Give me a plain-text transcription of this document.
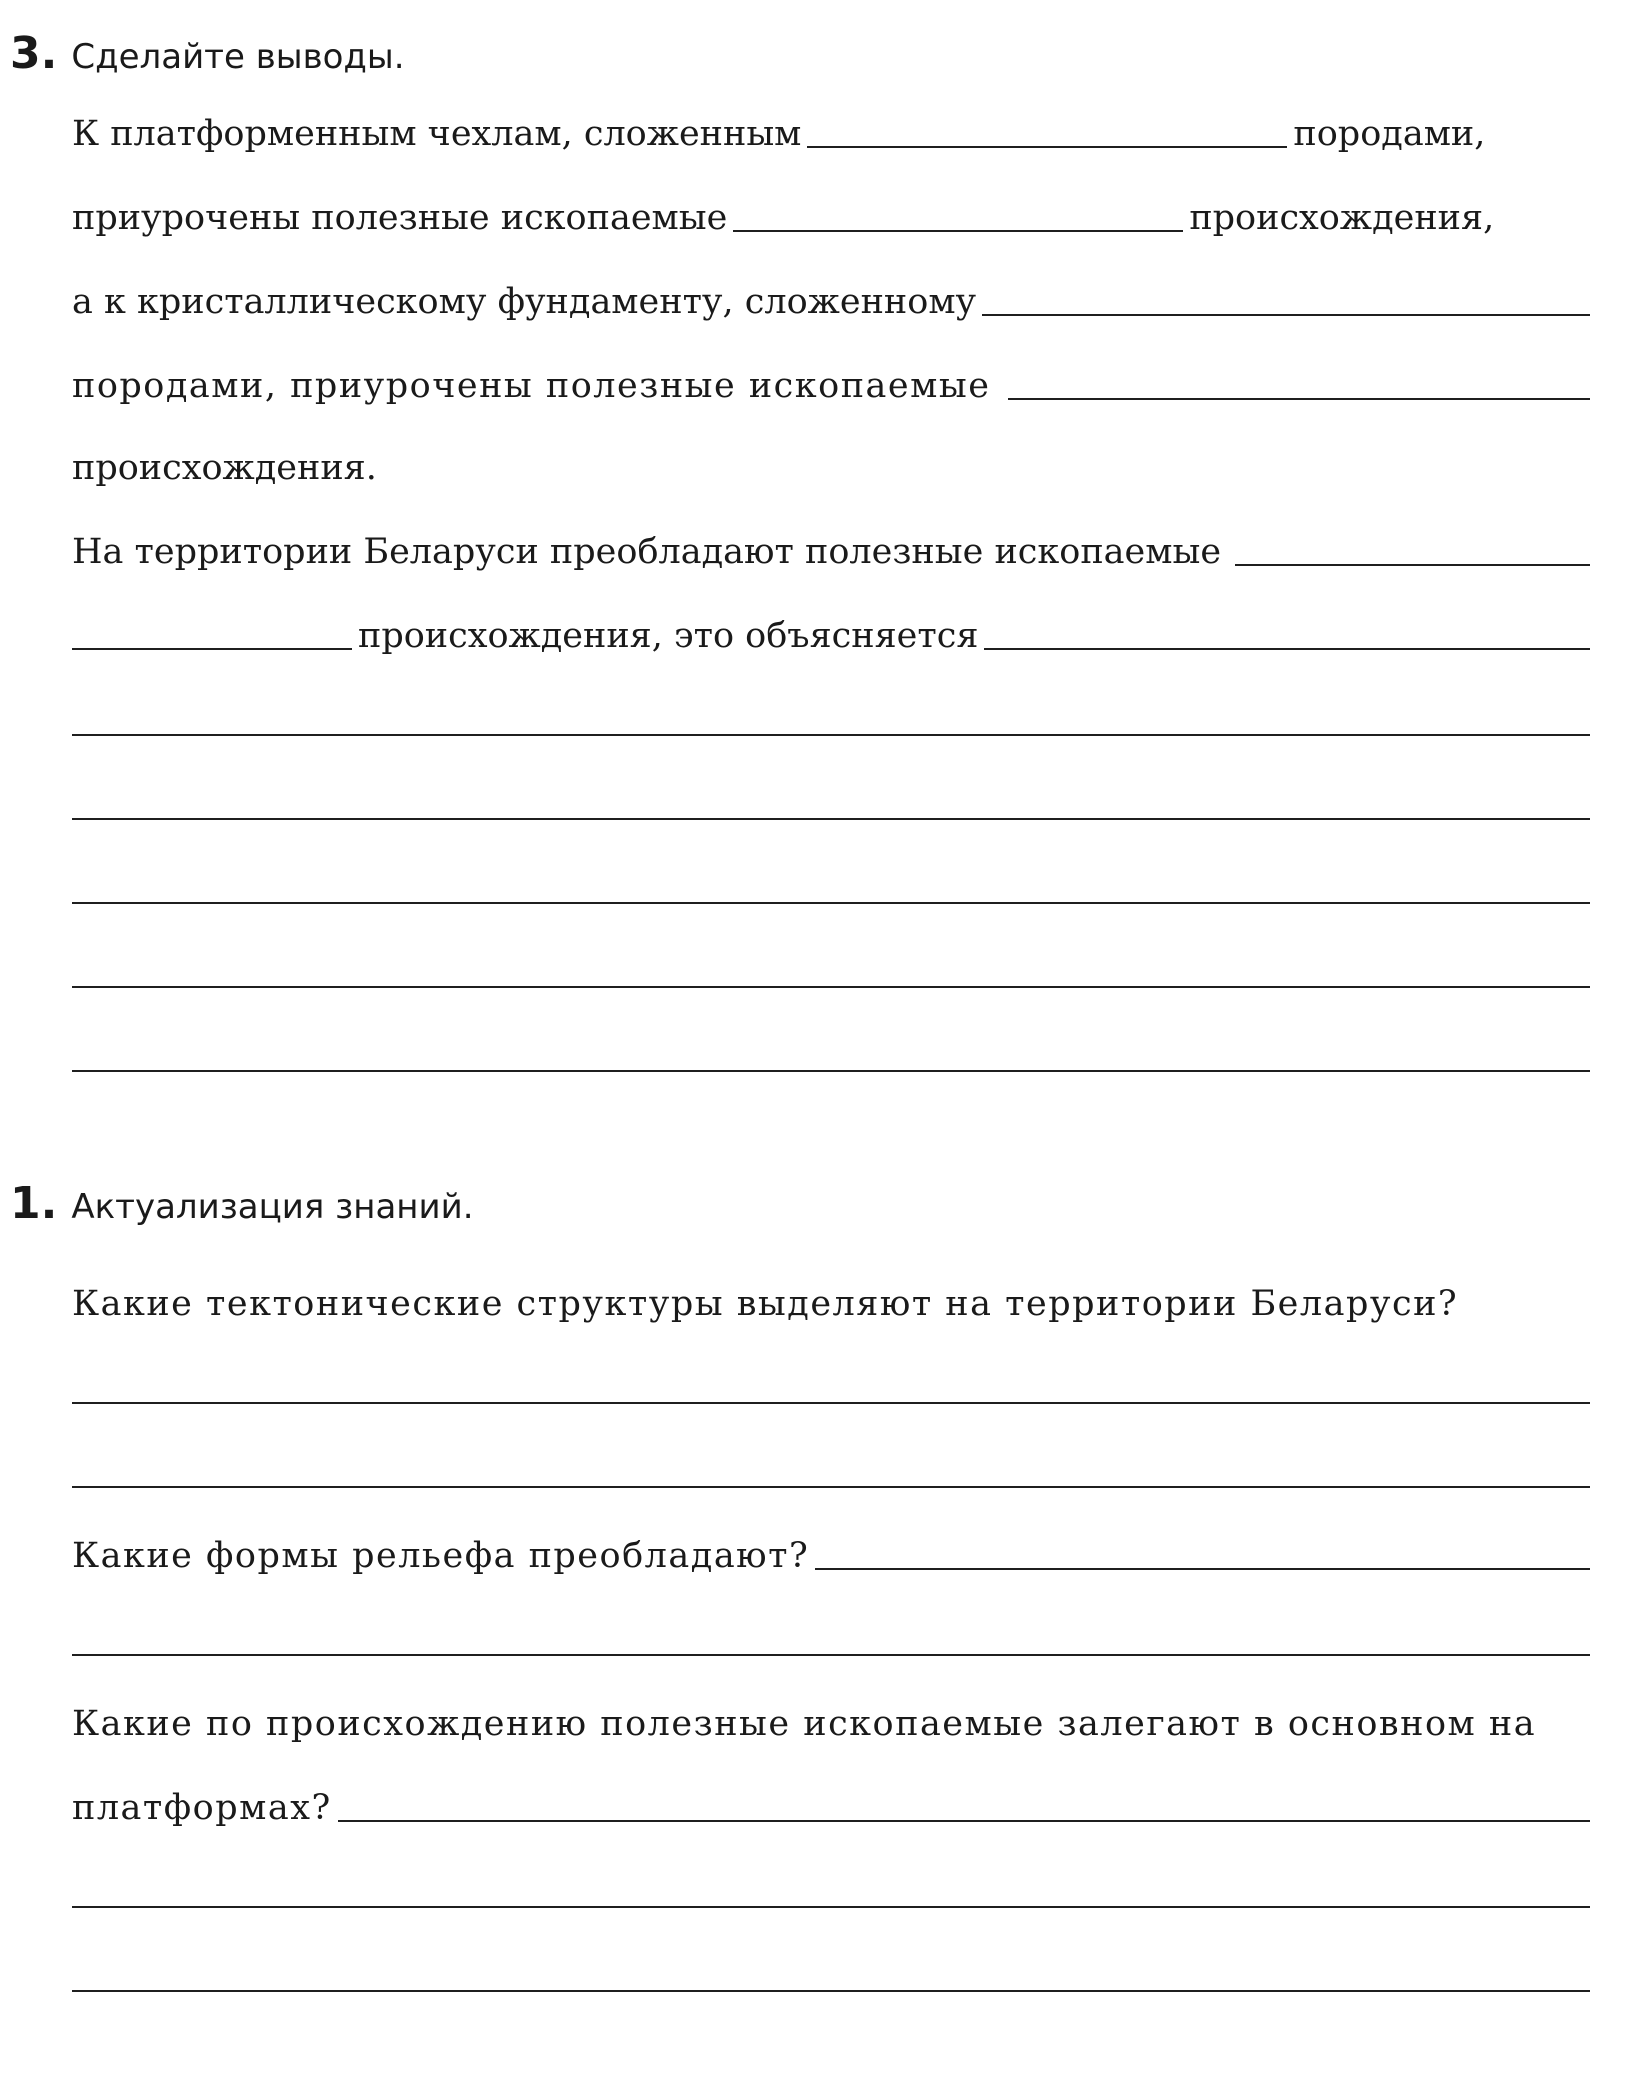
3. Сделайте выводы.
К платформенным чехлам, сложенным	породами,
приурочены полезные ископаемые	происхождения,
а к кристаллическому фундаменту, сложенному
породами, приурочены полезные ископаемые
происхождения.
На территории Беларуси преобладают полезные ископаемые
происхождения, это объясняется
1. Актуализация знаний.
Какие тектонические структуры выделяют на территории Беларуси?
Какие формы рельефа преобладают?
Какие по происхождению полезные ископаемые залегают в основном на
платформах?
